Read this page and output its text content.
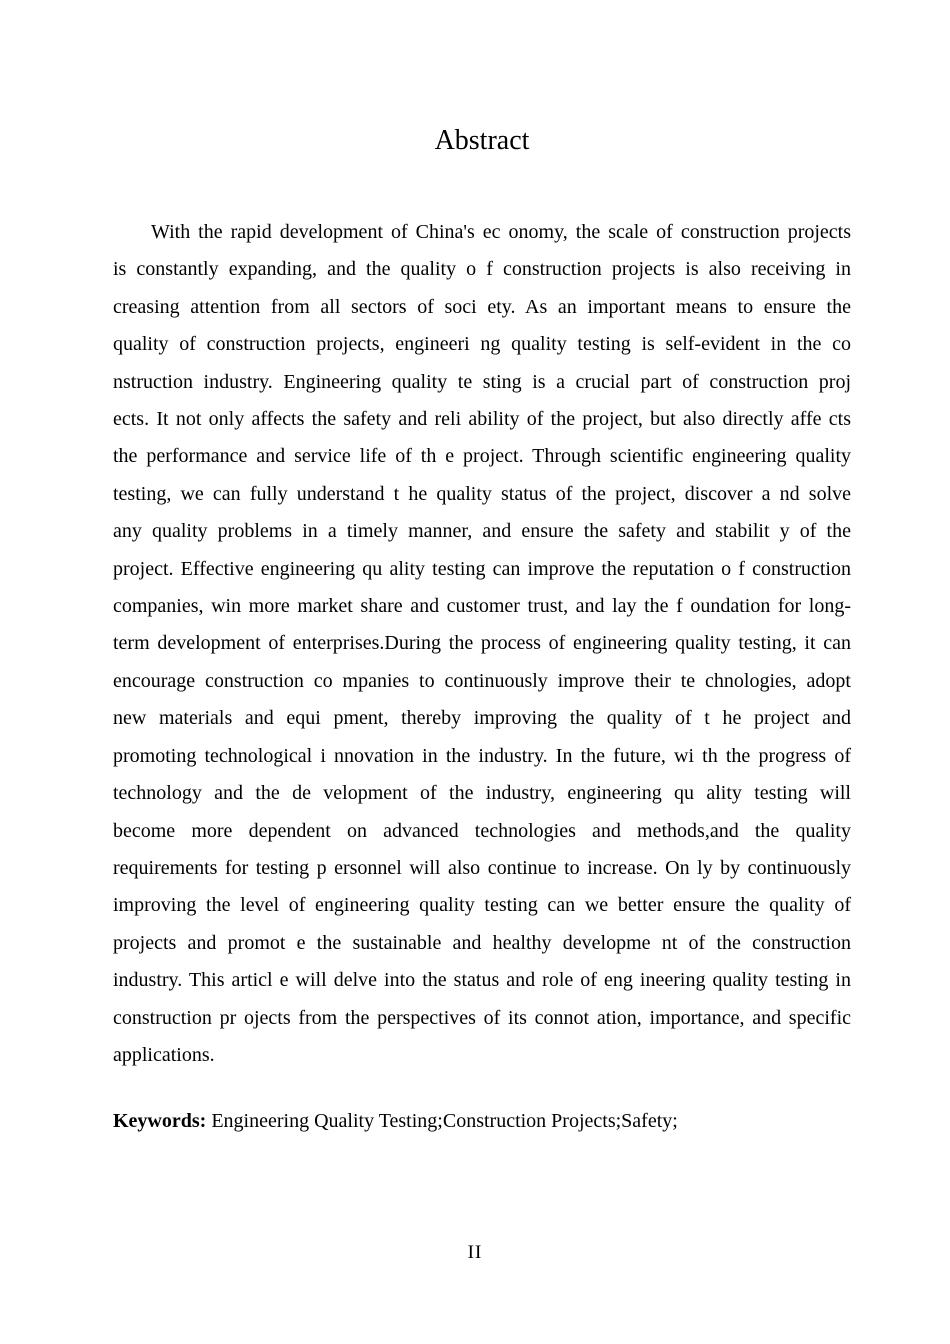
Abstract

With the rapid development of China's ec onomy, the scale of construction projects is constantly expanding, and the quality o f construction projects is also receiving in creasing attention from all sectors of soci ety. As an important means to ensure the quality of construction projects, engineeri ng quality testing is self-evident in the co nstruction industry. Engineering quality te sting is a crucial part of construction proj ects. It not only affects the safety and reli ability of the project, but also directly affe cts the performance and service life of th e project. Through scientific engineering quality testing, we can fully understand t he quality status of the project, discover a nd solve any quality problems in a timely manner, and ensure the safety and stabilit y of the project. Effective engineering qu ality testing can improve the reputation o f construction companies, win more market share and customer trust, and lay the f oundation for long-term development of enterprises.During the process of engineering quality testing, it can encourage construction co mpanies to continuously improve their te chnologies, adopt new materials and equi pment, thereby improving the quality of t he project and promoting technological i nnovation in the industry. In the future, wi th the progress of technology and the de velopment of the industry, engineering qu ality testing will become more dependent on advanced technologies and methods,and the quality requirements for testing p ersonnel will also continue to increase. On ly by continuously improving the level of engineering quality testing can we better ensure the quality of projects and promot e the sustainable and healthy developme nt of the construction industry. This articl e will delve into the status and role of eng ineering quality testing in construction pr ojects from the perspectives of its connot ation, importance, and specific applications.

Keywords: Engineering Quality Testing;Construction Projects;Safety;

II
